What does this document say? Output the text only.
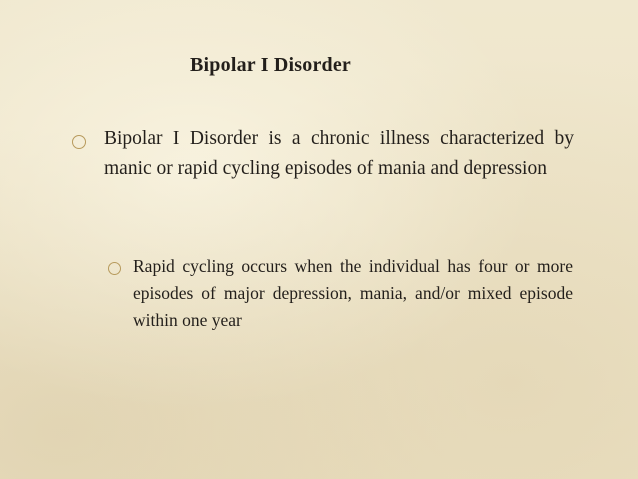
Bipolar I Disorder

Bipolar I Disorder is a chronic illness characterized by manic or rapid cycling episodes of mania and depression

Rapid cycling occurs when the individual has four or more episodes of major depression, mania, and/or mixed episode within one year
